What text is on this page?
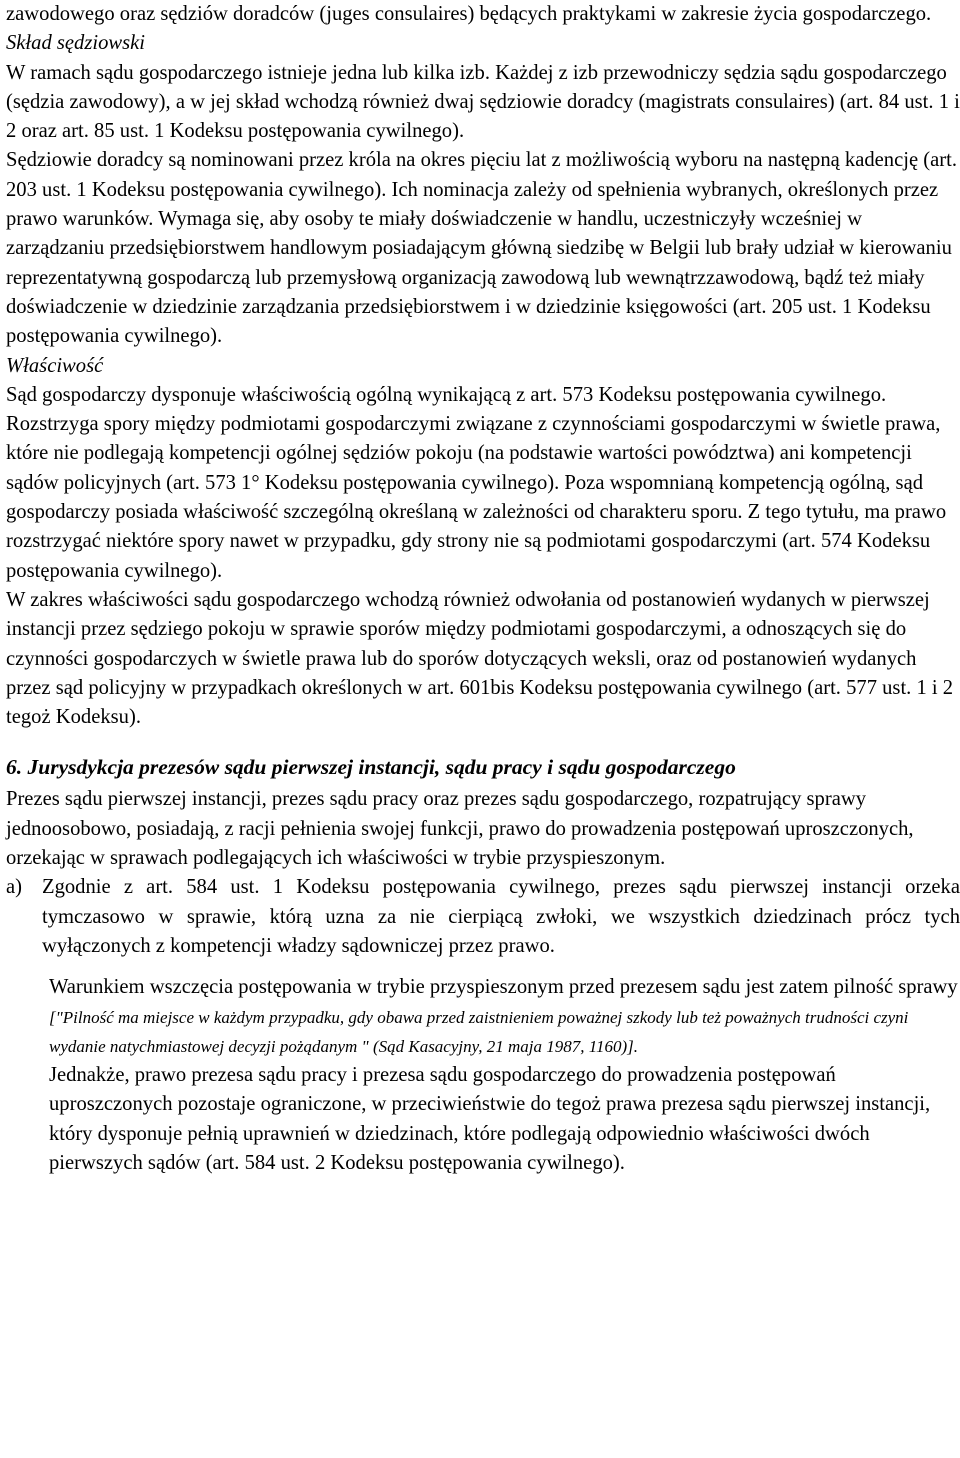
zawodowego oraz sędziów doradców (juges consulaires) będących praktykami w zakresie życia gospodarczego.

Skład sędziowski

W ramach sądu gospodarczego istnieje jedna lub kilka izb. Każdej z izb przewodniczy sędzia sądu gospodarczego (sędzia zawodowy), a w jej skład wchodzą również dwaj sędziowie doradcy (magistrats consulaires) (art. 84 ust. 1 i 2 oraz art. 85 ust. 1 Kodeksu postępowania cywilnego).

Sędziowie doradcy są nominowani przez króla na okres pięciu lat z możliwością wyboru na następną kadencję (art. 203 ust. 1 Kodeksu postępowania cywilnego). Ich nominacja zależy od spełnienia wybranych, określonych przez prawo warunków. Wymaga się, aby osoby te miały doświadczenie w handlu, uczestniczyły wcześniej w zarządzaniu przedsiębiorstwem handlowym posiadającym główną siedzibę w Belgii lub brały udział w kierowaniu reprezentatywną gospodarczą lub przemysłową organizacją zawodową lub wewnątrzzawodową, bądź też miały doświadczenie w dziedzinie zarządzania przedsiębiorstwem i w dziedzinie księgowości (art. 205 ust. 1 Kodeksu postępowania cywilnego).

Właściwość

Sąd gospodarczy dysponuje właściwością ogólną wynikającą z art. 573 Kodeksu postępowania cywilnego. Rozstrzyga spory między podmiotami gospodarczymi związane z czynnościami gospodarczymi w świetle prawa, które nie podlegają kompetencji ogólnej sędziów pokoju (na podstawie wartości powództwa) ani kompetencji sądów policyjnych (art. 573 1° Kodeksu postępowania cywilnego). Poza wspomnianą kompetencją ogólną, sąd gospodarczy posiada właściwość szczególną określaną w zależności od charakteru sporu. Z tego tytułu, ma prawo rozstrzygać niektóre spory nawet w przypadku, gdy strony nie są podmiotami gospodarczymi (art. 574 Kodeksu postępowania cywilnego).

W zakres właściwości sądu gospodarczego wchodzą również odwołania od postanowień wydanych w pierwszej instancji przez sędziego pokoju w sprawie sporów między podmiotami gospodarczymi, a odnoszących się do czynności gospodarczych w świetle prawa lub do sporów dotyczących weksli, oraz od postanowień wydanych przez sąd policyjny w przypadkach określonych w art. 601bis Kodeksu postępowania cywilnego (art. 577 ust. 1 i 2 tegoż Kodeksu).

6. Jurysdykcja prezesów sądu pierwszej instancji, sądu pracy i sądu gospodarczego

Prezes sądu pierwszej instancji, prezes sądu pracy oraz prezes sądu gospodarczego, rozpatrujący sprawy jednoosobowo, posiadają, z racji pełnienia swojej funkcji, prawo do prowadzenia postępowań uproszczonych, orzekając w sprawach podlegających ich właściwości w trybie przyspieszonym.

a) Zgodnie z art. 584 ust. 1 Kodeksu postępowania cywilnego, prezes sądu pierwszej instancji orzeka tymczasowo w sprawie, którą uzna za nie cierpiącą zwłoki, we wszystkich dziedzinach prócz tych wyłączonych z kompetencji władzy sądowniczej przez prawo.

Warunkiem wszczęcia postępowania w trybie przyspieszonym przed prezesem sądu jest zatem pilność sprawy ["Pilność ma miejsce w każdym przypadku, gdy obawa przed zaistnieniem poważnej szkody lub też poważnych trudności czyni wydanie natychmiastowej decyzji pożądanym " (Sąd Kasacyjny, 21 maja 1987, 1160)].

Jednakże, prawo prezesa sądu pracy i prezesa sądu gospodarczego do prowadzenia postępowań uproszczonych pozostaje ograniczone, w przeciwieństwie do tegoż prawa prezesa sądu pierwszej instancji, który dysponuje pełnią uprawnień w dziedzinach, które podlegają odpowiednio właściwości dwóch pierwszych sądów (art. 584 ust. 2 Kodeksu postępowania cywilnego).
